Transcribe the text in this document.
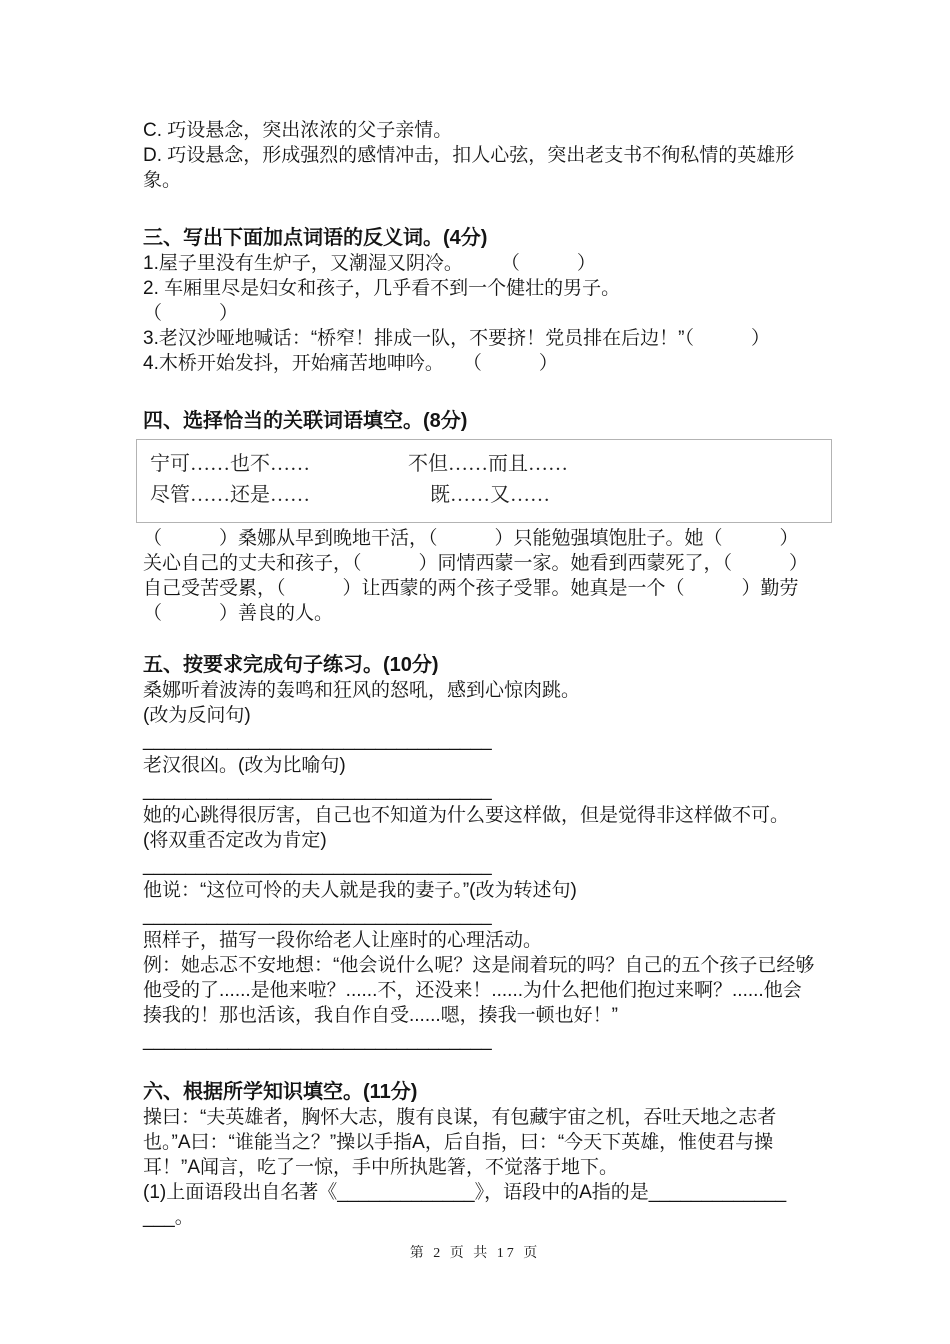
C. 巧设悬念，突出浓浓的父子亲情。

D. 巧设悬念，形成强烈的感情冲击，扣人心弦，突出老支书不徇私情的英雄形象。

三、写出下面加点词语的反义词。(4分)

1.屋子里没有生炉子，又潮湿又阴冷。　　　（　　　）

2. 车厢里尽是妇女和孩子，几乎看不到一个健壮的男子。

（　　　）

3.老汉沙哑地喊话：“桥窄！排成一队，不要挤！党员排在后边！”（　　　）

4.木桥开始发抖，开始痛苦地呻吟。　　（　　　）

四、选择恰当的关联词语填空。(8分)
宁可……也不……	不但……而且……
尽管……还是……	既……又……

（　　　）桑娜从早到晚地干活，（　　　）只能勉强填饱肚子。她（　　　）关心自己的丈夫和孩子，（　　　）同情西蒙一家。她看到西蒙死了，（　　　）自己受苦受累，（　　　）让西蒙的两个孩子受罪。她真是一个（　　　）勤劳（　　　）善良的人。

五、按要求完成句子练习。(10分)

桑娜听着波涛的轰鸣和狂风的怒吼，感到心惊肉跳。

(改为反问句)

_________________________________

老汉很凶。(改为比喻句)

_________________________________

她的心跳得很厉害，自己也不知道为什么要这样做，但是觉得非这样做不可。

(将双重否定改为肯定)

_________________________________

他说：“这位可怜的夫人就是我的妻子。”(改为转述句)

_________________________________

照样子，描写一段你给老人让座时的心理活动。

例：她忐忑不安地想：“他会说什么呢？这是闹着玩的吗？自己的五个孩子已经够他受的了......是他来啦？......不，还没来！......为什么把他们抱过来啊？......他会揍我的！那也活该，我自作自受......嗯，揍我一顿也好！”

_________________________________

六、根据所学知识填空。(11分)

操曰：“夫英雄者，胸怀大志，腹有良谋，有包藏宇宙之机，吞吐天地之志者也。”A曰：“谁能当之？”操以手指A，后自指，曰：“今天下英雄，惟使君与操耳！”A闻言，吃了一惊，手中所执匙箸，不觉落于地下。

(1)上面语段出自名著《_____________》，语段中的A指的是_____________

___。

第 2 页 共 17 页
